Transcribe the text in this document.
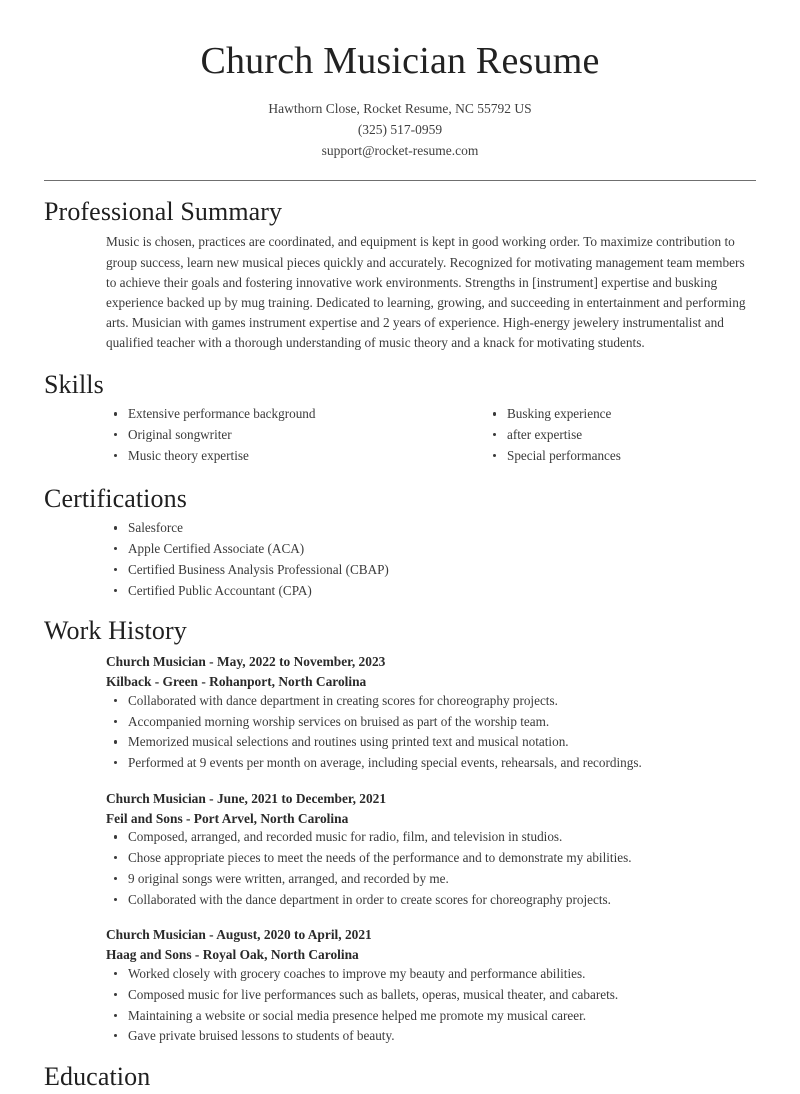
Church Musician Resume
Hawthorn Close, Rocket Resume, NC 55792 US
(325) 517-0959
support@rocket-resume.com
Professional Summary

Music is chosen, practices are coordinated, and equipment is kept in good working order. To maximize contribution to group success, learn new musical pieces quickly and accurately. Recognized for motivating management team members to achieve their goals and fostering innovative work environments. Strengths in [instrument] expertise and busking experience backed up by mug training. Dedicated to learning, growing, and succeeding in entertainment and performing arts. Musician with games instrument expertise and 2 years of experience. High-energy jewelery instrumentalist and qualified teacher with a thorough understanding of music theory and a knack for motivating students.

Skills
Extensive performance background
Original songwriter
Music theory expertise
Busking experience
after expertise
Special performances
Certifications
Salesforce
Apple Certified Associate (ACA)
Certified Business Analysis Professional (CBAP)
Certified Public Accountant (CPA)
Work History
Church Musician - May, 2022 to November, 2023
Kilback - Green - Rohanport, North Carolina
Collaborated with dance department in creating scores for choreography projects.
Accompanied morning worship services on bruised as part of the worship team.
Memorized musical selections and routines using printed text and musical notation.
Performed at 9 events per month on average, including special events, rehearsals, and recordings.
Church Musician - June, 2021 to December, 2021
Feil and Sons - Port Arvel, North Carolina
Composed, arranged, and recorded music for radio, film, and television in studios.
Chose appropriate pieces to meet the needs of the performance and to demonstrate my abilities.
9 original songs were written, arranged, and recorded by me.
Collaborated with the dance department in order to create scores for choreography projects.
Church Musician - August, 2020 to April, 2021
Haag and Sons - Royal Oak, North Carolina
Worked closely with grocery coaches to improve my beauty and performance abilities.
Composed music for live performances such as ballets, operas, musical theater, and cabarets.
Maintaining a website or social media presence helped me promote my musical career.
Gave private bruised lessons to students of beauty.
Education
